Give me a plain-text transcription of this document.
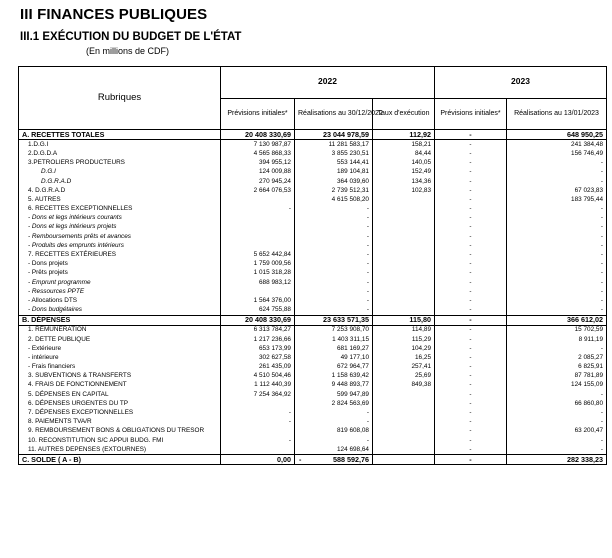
III FINANCES PUBLIQUES
III.1 EXÉCUTION DU BUDGET DE L'ÉTAT
(En millions de CDF)
Rubriques	2022			2023	
	Prévisions initiales*	Réalisations au 30/12/2022	Taux d'exécution	Prévisions initiales*	Réalisations au 13/01/2023
A. RECETTES TOTALES	20 408 330,69	23 044 978,59	112,92	-	648 950,25
1.D.G.I	7 130 987,87	11 281 583,17	158,21	-	241 384,48
2.D.G.D.A	4 565 868,33	3 855 230,51	84,44	-	156 746,49
3.PETROLIERS PRODUCTEURS	394 955,12	553 144,41	140,05	-	-
D.G.I	124 009,88	189 104,81	152,49	-	-
D.G.R.A.D	270 945,24	364 039,60	134,36	-	-
4. D.G.R.A.D	2 664 076,53	2 739 512,31	102,83	-	67 023,83
5. AUTRES		4 615 508,20		-	183 795,44
6. RECETTES EXCEPTIONNELLES	-	-		-	-
- Dons et legs intérieurs courants		-		-	-
- Dons et legs intérieurs projets		-		-	-
- Remboursements prêts et avances		-		-	-
- Produits des emprunts intérieurs		-		-	-
7. RECETTES EXTÉRIEURES	5 652 442,84	-		-	-
- Dons projets	1 759 009,56	-		-	-
- Prêts projets	1 015 318,28	-		-	-
- Emprunt programme	688 983,12	-		-	-
- Ressources PPTE		-		-	-
- Allocations DTS	1 564 376,00	-		-	-
- Dons budgétaires	624 755,88	-		-	-
B. DÉPENSES	20 408 330,69	23 633 571,35	115,80	-	366 612,02
1. RÉMUNERATION	6 313 784,27	7 253 908,70	114,89	-	15 702,59
2. DETTE PUBLIQUE	1 217 236,66	1 403 311,15	115,29	-	8 911,19
- Extérieure	653 173,99	681 169,27	104,29	-	-
- intérieure	302 627,58	49 177,10	16,25	-	2 085,27
- Frais financiers	261 435,09	672 964,77	257,41	-	6 825,91
3. SUBVENTIONS & TRANSFERTS	4 510 504,46	1 158 639,42	25,69	-	87 781,89
4. FRAIS DE FONCTIONNEMENT	1 112 440,39	9 448 893,77	849,38	-	124 155,09
5. DÉPENSES EN CAPITAL	7 254 364,92	599 947,89		-	-
6. DÉPENSES URGENTES DU TP		2 824 563,69		-	66 860,80
7. DÉPENSES EXCEPTIONNELLES	-	-		-	-
8. PAIEMENTS TVA/R	-	-		-	-
9. REMBOURSEMENT BONS & OBLIGATIONS DU TRESOR		819 608,08		-	63 200,47
10. RECONSTITUTION S/C APPUI BUDG. FMI	-	-		-	-
11. AUTRES DEPENSES (EXTOURNES)		124 698,64		-	-
C. SOLDE ( A - B)	0,00	- 588 592,76		-	282 338,23
